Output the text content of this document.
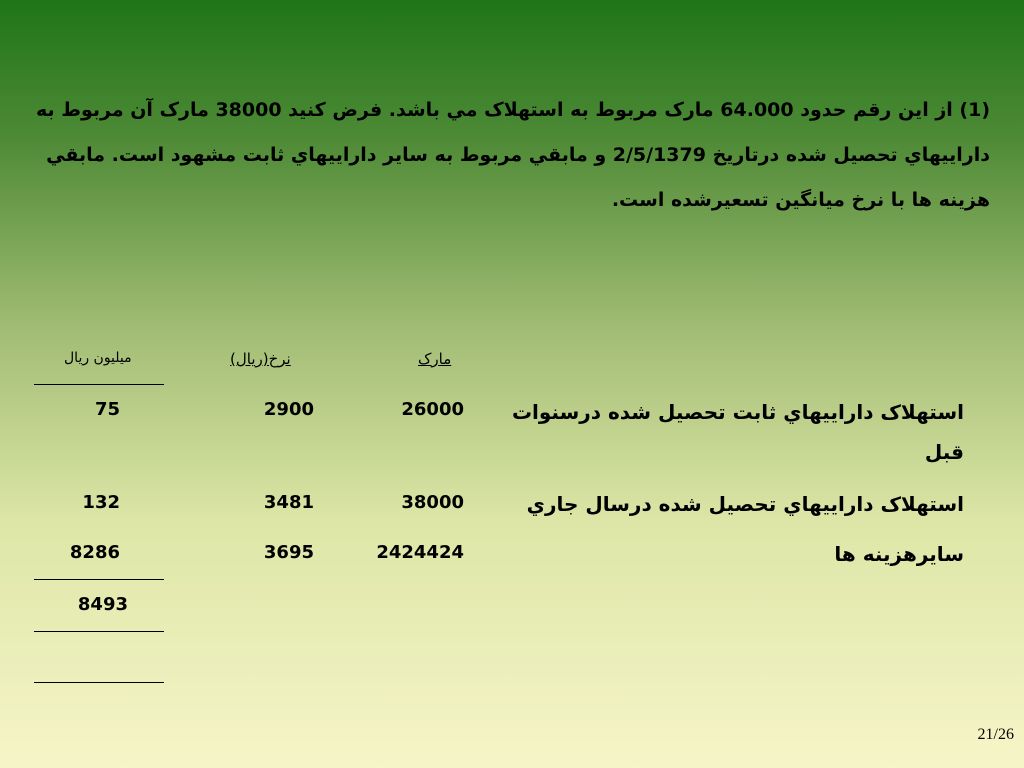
(1) از اين رقم حدود 64.000 مارک مربوط به استهلاک مي باشد. فرض کنيد 38000 مارک آن مربوط به داراييهاي تحصيل شده درتاريخ 2/5/1379 و مابقي مربوط به ساير داراييهاي ثابت مشهود است. مابقي هزينه ها با نرخ ميانگين تسعيرشده است.
ميليون ريال	نرخ(ريال)	مارک
75	2900	26000	استهلاک داراييهاي ثابت تحصيل شده درسنوات قبل
132	3481	38000	استهلاک داراييهاي تحصيل شده درسال جاري
8286	3695	2424424	سايرهزينه ها
8493
21/26
